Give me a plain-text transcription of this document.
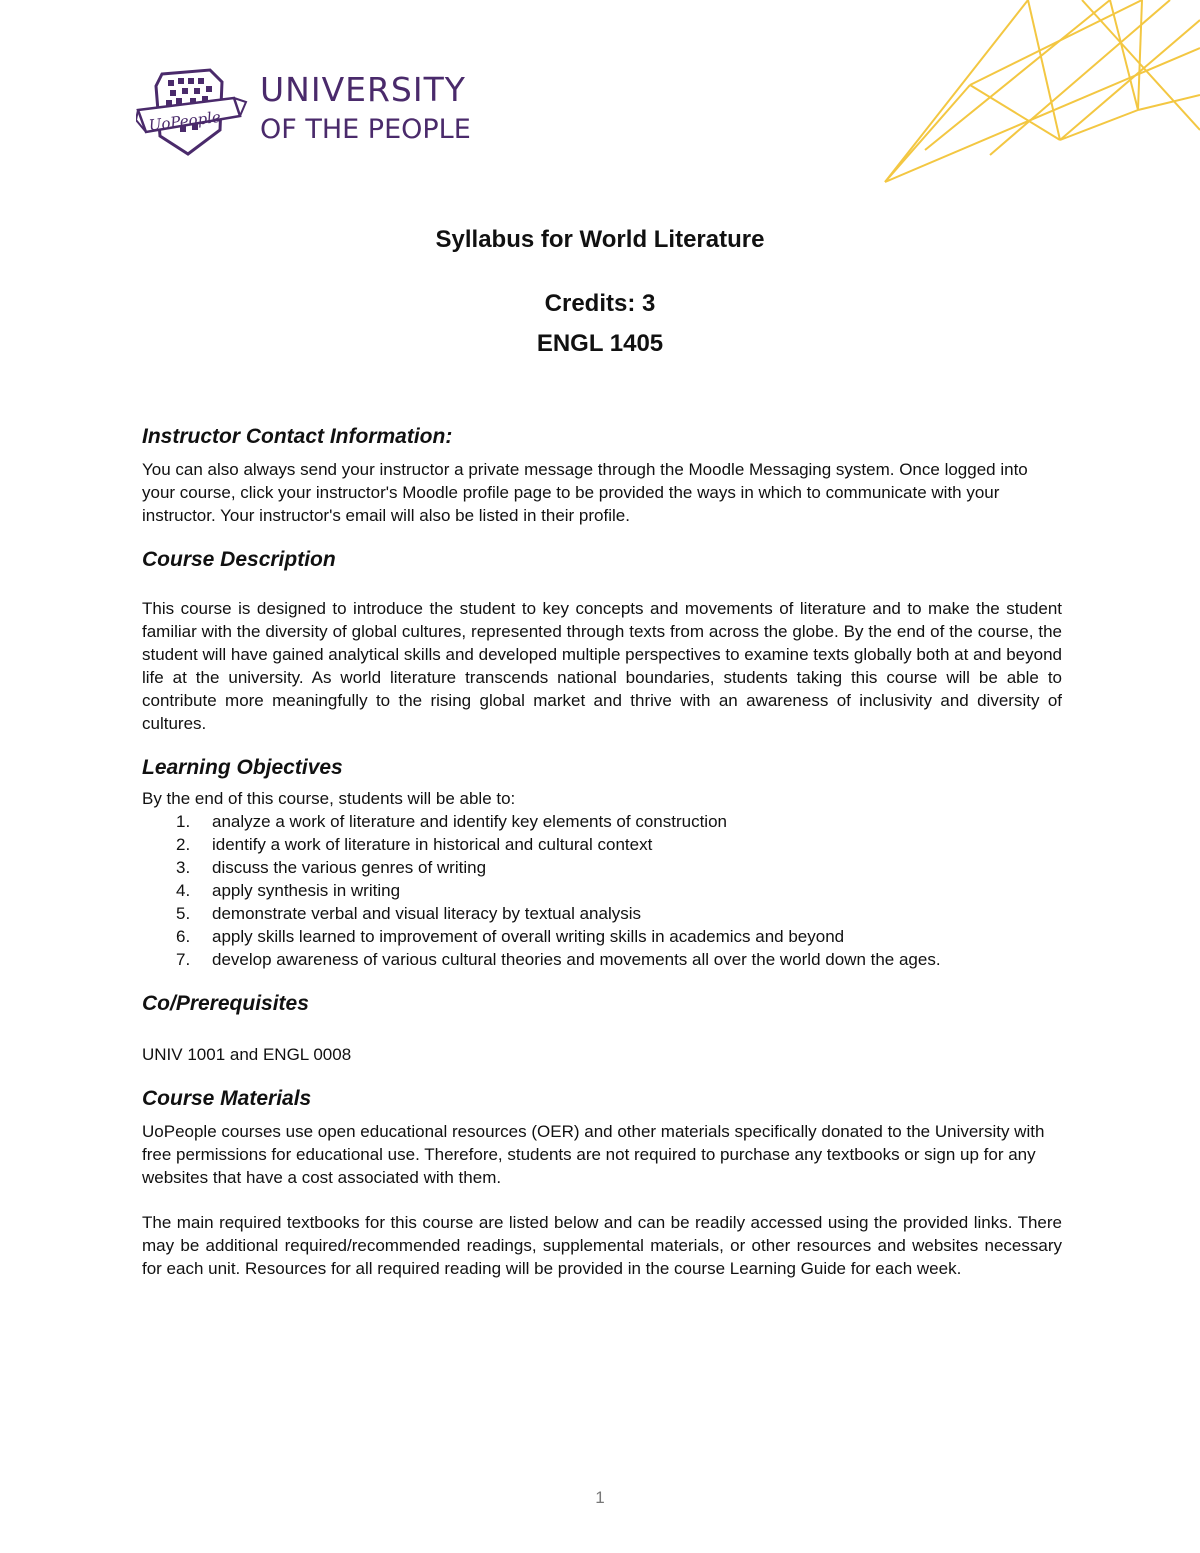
UoPeople
UNIVERSITY
OF THE PEOPLE

Syllabus for World Literature

Credits: 3

ENGL 1405

Instructor Contact Information:

You can also always send your instructor a private message through the Moodle Messaging system. Once logged into your course, click your instructor's Moodle profile page to be provided the ways in which to communicate with your instructor. Your instructor's email will also be listed in their profile.

Course Description

This course is designed to introduce the student to key concepts and movements of literature and to make the student familiar with the diversity of global cultures, represented through texts from across the globe. By the end of the course, the student will have gained analytical skills and developed multiple perspectives to examine texts globally both at and beyond life at the university. As world literature transcends national boundaries, students taking this course will be able to contribute more meaningfully to the rising global market and thrive with an awareness of inclusivity and diversity of cultures.

Learning Objectives

By the end of this course, students will be able to:

1. analyze a work of literature and identify key elements of construction
2. identify a work of literature in historical and cultural context
3. discuss the various genres of writing
4. apply synthesis in writing
5. demonstrate verbal and visual literacy by textual analysis
6. apply skills learned to improvement of overall writing skills in academics and beyond
7. develop awareness of various cultural theories and movements all over the world down the ages.
Co/Prerequisites

UNIV 1001 and ENGL 0008

Course Materials

UoPeople courses use open educational resources (OER) and other materials specifically donated to the University with free permissions for educational use. Therefore, students are not required to purchase any textbooks or sign up for any websites that have a cost associated with them.

The main required textbooks for this course are listed below and can be readily accessed using the provided links. There may be additional required/recommended readings, supplemental materials, or other resources and websites necessary for each unit. Resources for all required reading will be provided in the course Learning Guide for each week.

1
